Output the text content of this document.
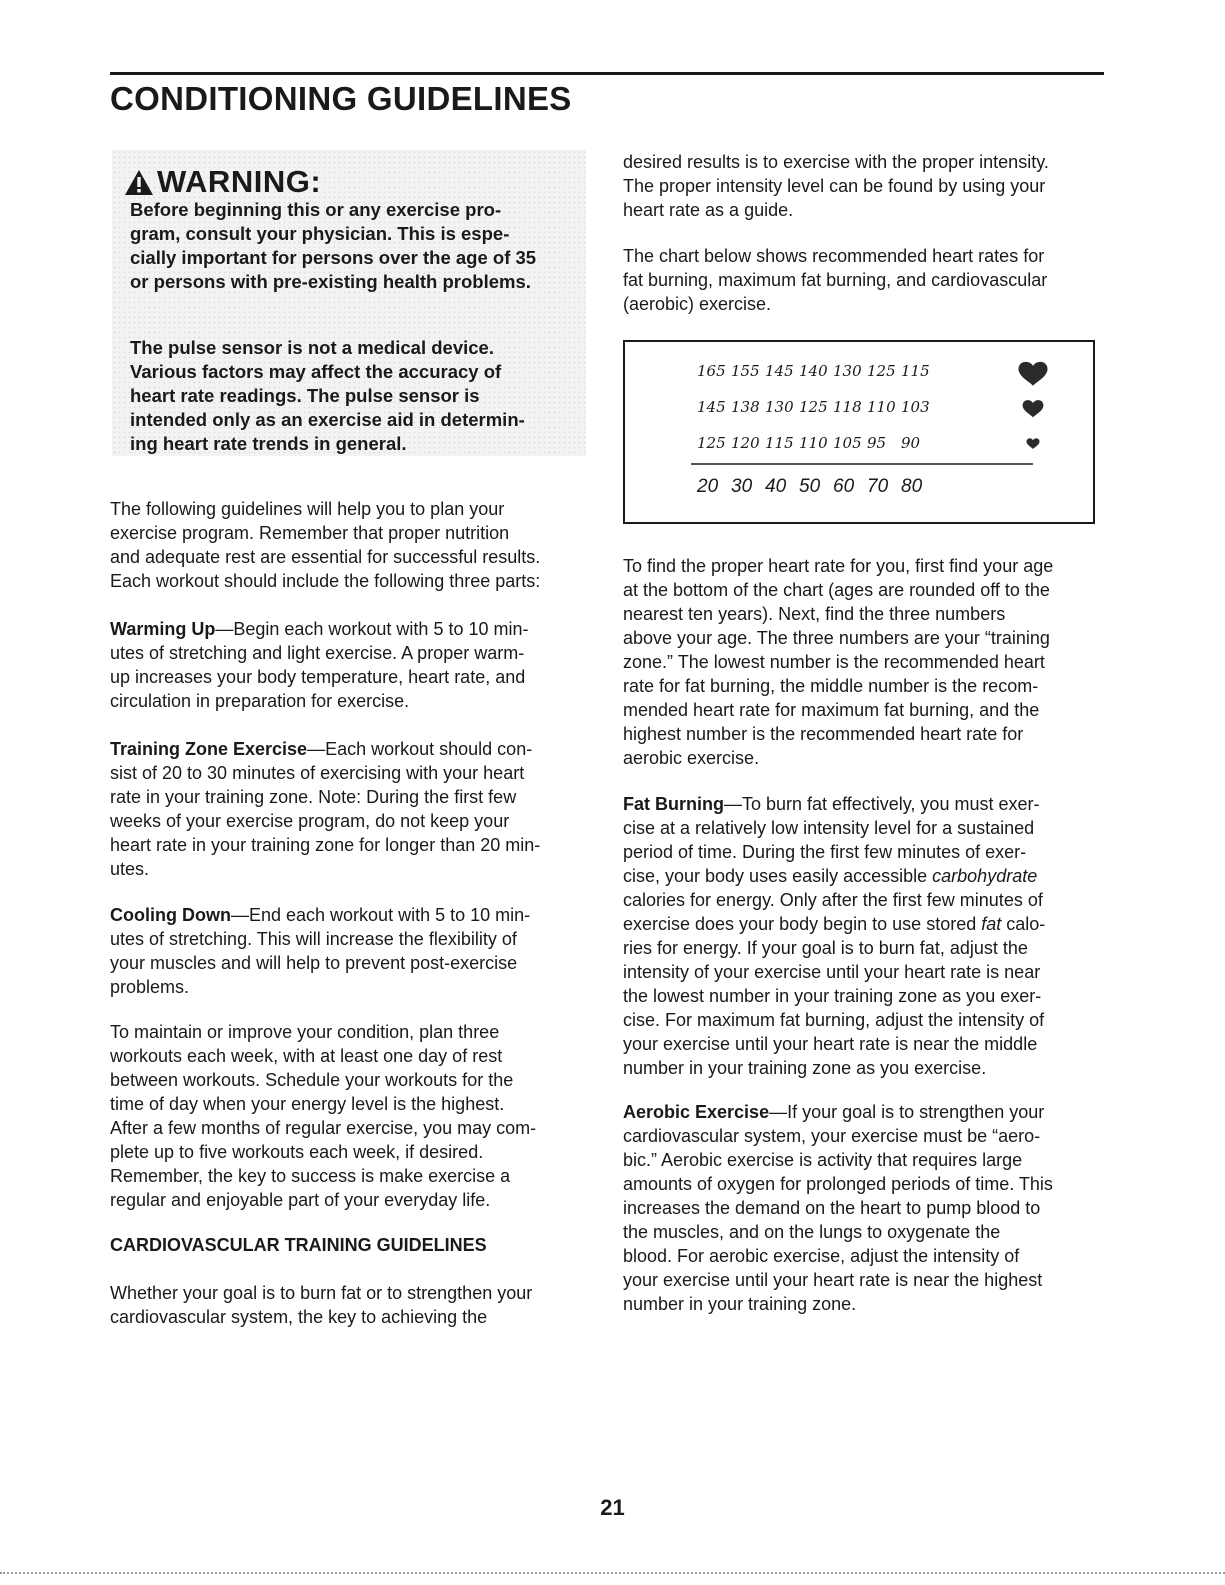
CONDITIONING GUIDELINES
WARNING:

Before beginning this or any exercise pro-
gram, consult your physician. This is espe-
cially important for persons over the age of 35
or persons with pre-existing health problems.

The pulse sensor is not a medical device.
Various factors may affect the accuracy of
heart rate readings. The pulse sensor is
intended only as an exercise aid in determin-
ing heart rate trends in general.

The following guidelines will help you to plan your
exercise program. Remember that proper nutrition
and adequate rest are essential for successful results.
Each workout should include the following three parts:

Warming Up—Begin each workout with 5 to 10 min-
utes of stretching and light exercise. A proper warm-
up increases your body temperature, heart rate, and
circulation in preparation for exercise.

Training Zone Exercise—Each workout should con-
sist of 20 to 30 minutes of exercising with your heart
rate in your training zone. Note: During the first few
weeks of your exercise program, do not keep your
heart rate in your training zone for longer than 20 min-
utes.

Cooling Down—End each workout with 5 to 10 min-
utes of stretching. This will increase the flexibility of
your muscles and will help to prevent post-exercise
problems.

To maintain or improve your condition, plan three
workouts each week, with at least one day of rest
between workouts. Schedule your workouts for the
time of day when your energy level is the highest.
After a few months of regular exercise, you may com-
plete up to five workouts each week, if desired.
Remember, the key to success is make exercise a
regular and enjoyable part of your everyday life.

CARDIOVASCULAR TRAINING GUIDELINES

Whether your goal is to burn fat or to strengthen your
cardiovascular system, the key to achieving the

desired results is to exercise with the proper intensity.
The proper intensity level can be found by using your
heart rate as a guide.

The chart below shows recommended heart rates for
fat burning, maximum fat burning, and cardiovascular
(aerobic) exercise.

165 155 145 140 130 125 115
145 138 130 125 118 110 103
125 120 115 110 105 95 90
20 30 40 50 60 70 80

To find the proper heart rate for you, first find your age
at the bottom of the chart (ages are rounded off to the
nearest ten years). Next, find the three numbers
above your age. The three numbers are your “training
zone.” The lowest number is the recommended heart
rate for fat burning, the middle number is the recom-
mended heart rate for maximum fat burning, and the
highest number is the recommended heart rate for
aerobic exercise.

Fat Burning—To burn fat effectively, you must exer-
cise at a relatively low intensity level for a sustained
period of time. During the first few minutes of exer-
cise, your body uses easily accessible carbohydrate
calories for energy. Only after the first few minutes of
exercise does your body begin to use stored fat calo-
ries for energy. If your goal is to burn fat, adjust the
intensity of your exercise until your heart rate is near
the lowest number in your training zone as you exer-
cise. For maximum fat burning, adjust the intensity of
your exercise until your heart rate is near the middle
number in your training zone as you exercise.

Aerobic Exercise—If your goal is to strengthen your
cardiovascular system, your exercise must be “aero-
bic.” Aerobic exercise is activity that requires large
amounts of oxygen for prolonged periods of time. This
increases the demand on the heart to pump blood to
the muscles, and on the lungs to oxygenate the
blood. For aerobic exercise, adjust the intensity of
your exercise until your heart rate is near the highest
number in your training zone.

21
